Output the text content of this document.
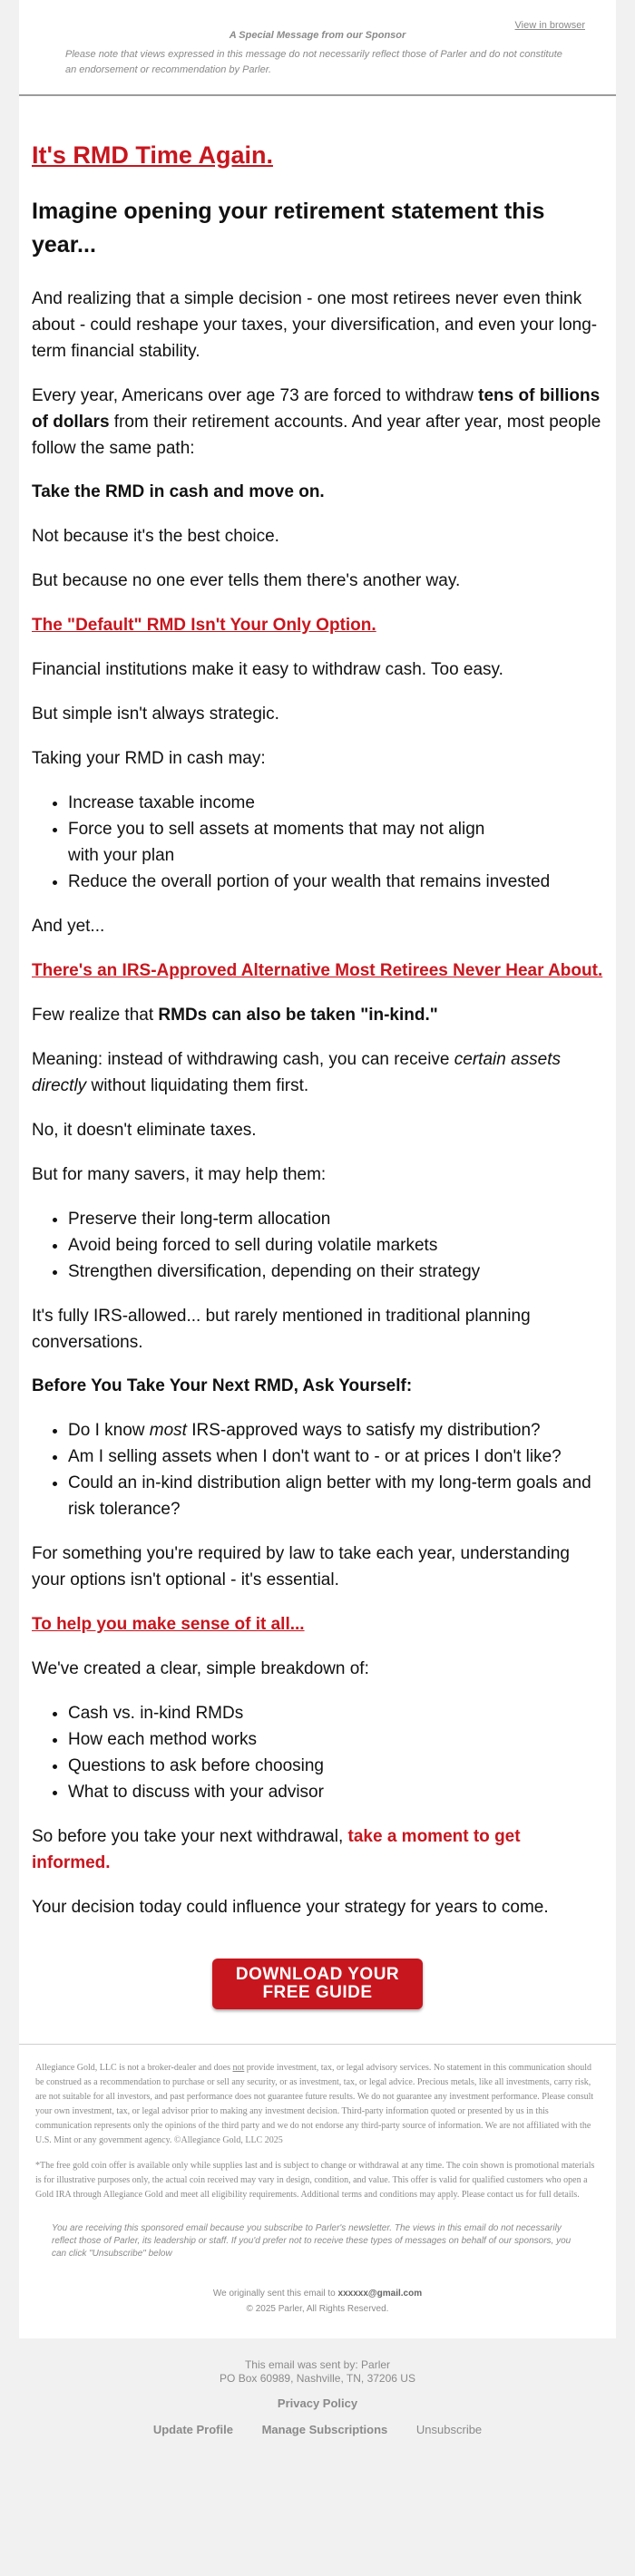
View in browser
A Special Message from our Sponsor
Please note that views expressed in this message do not necessarily reflect those of Parler and do not constitute an endorsement or recommendation by Parler.
It's RMD Time Again.
Imagine opening your retirement statement this year...

And realizing that a simple decision - one most retirees never even think about - could reshape your taxes, your diversification, and even your long-term financial stability.

Every year, Americans over age 73 are forced to withdraw tens of billions of dollars from their retirement accounts. And year after year, most people follow the same path:

Take the RMD in cash and move on.

Not because it's the best choice.

But because no one ever tells them there's another way.

The "Default" RMD Isn't Your Only Option.

Financial institutions make it easy to withdraw cash. Too easy.

But simple isn't always strategic.

Taking your RMD in cash may:

• Increase taxable income
• Force you to sell assets at moments that may not align with your plan
• Reduce the overall portion of your wealth that remains invested

And yet...

There's an IRS-Approved Alternative Most Retirees Never Hear About.

Few realize that RMDs can also be taken "in-kind."

Meaning: instead of withdrawing cash, you can receive certain assets directly without liquidating them first.

No, it doesn't eliminate taxes.

But for many savers, it may help them:

• Preserve their long-term allocation
• Avoid being forced to sell during volatile markets
• Strengthen diversification, depending on their strategy

It's fully IRS-allowed... but rarely mentioned in traditional planning conversations.

Before You Take Your Next RMD, Ask Yourself:
• Do I know most IRS-approved ways to satisfy my distribution?
• Am I selling assets when I don't want to - or at prices I don't like?
• Could an in-kind distribution align better with my long-term goals and risk tolerance?

For something you're required by law to take each year, understanding your options isn't optional - it's essential.

To help you make sense of it all...

We've created a clear, simple breakdown of:

• Cash vs. in-kind RMDs
• How each method works
• Questions to ask before choosing
• What to discuss with your advisor

So before you take your next withdrawal, take a moment to get informed.

Your decision today could influence your strategy for years to come.

DOWNLOAD YOUR
FREE GUIDE

Allegiance Gold, LLC is not a broker-dealer and does not provide investment, tax, or legal advisory services. No statement in this communication should be construed as a recommendation to purchase or sell any security, or as investment, tax, or legal advice. Precious metals, like all investments, carry risk, are not suitable for all investors, and past performance does not guarantee future results. We do not guarantee any investment performance. Please consult your own investment, tax, or legal advisor prior to making any investment decision. Third-party information quoted or presented by us in this communication represents only the opinions of the third party and we do not endorse any third-party source of information. We are not affiliated with the U.S. Mint or any government agency. ©Allegiance Gold, LLC 2025

*The free gold coin offer is available only while supplies last and is subject to change or withdrawal at any time. The coin shown is promotional materials is for illustrative purposes only, the actual coin received may vary in design, condition, and value. This offer is valid for qualified customers who open a Gold IRA through Allegiance Gold and meet all eligibility requirements. Additional terms and conditions may apply. Please contact us for full details.

You are receiving this sponsored email because you subscribe to Parler's newsletter. The views in this email do not necessarily reflect those of Parler, its leadership or staff. If you'd prefer not to receive these types of messages on behalf of our sponsors, you can click "Unsubscribe" below
We originally sent this email to xxxxxx@gmail.com
© 2025 Parler, All Rights Reserved.
This email was sent by: Parler
PO Box 60989, Nashville, TN, 37206 US
Privacy Policy
Update Profile Manage Subscriptions Unsubscribe
